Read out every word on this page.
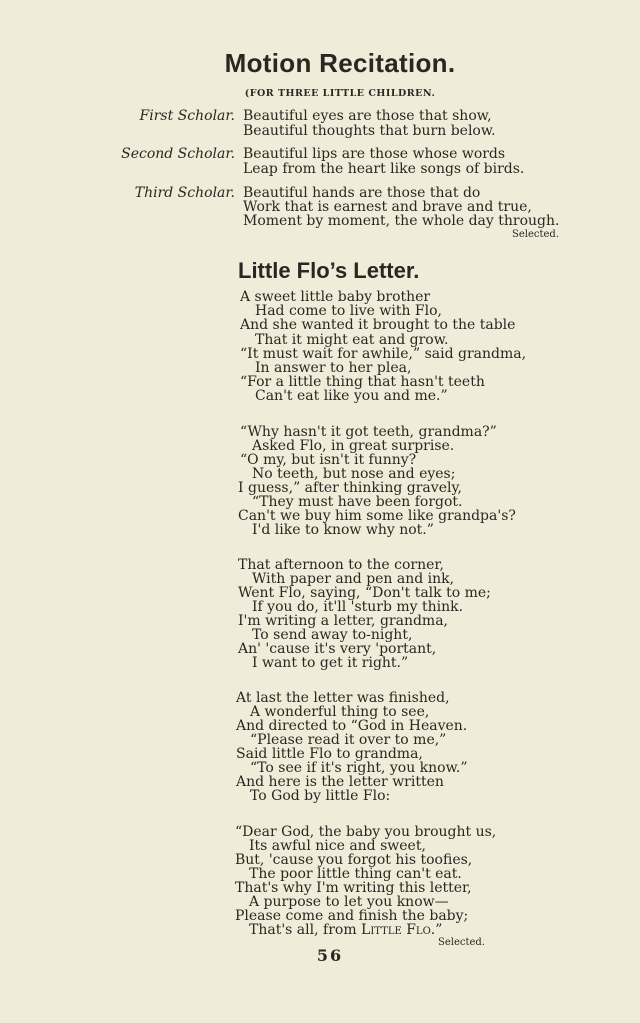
Motion Recitation.
(FOR THREE LITTLE CHILDREN.
First Scholar. Beautiful eyes are those that show,
Beautiful thoughts that burn below.
Second Scholar. Beautiful lips are those whose words
Leap from the heart like songs of birds.
Third Scholar. Beautiful hands are those that do
Work that is earnest and brave and true,
Moment by moment, the whole day through.
Selected.
Little Flo’s Letter.
A sweet little baby brother
Had come to live with Flo,
And she wanted it brought to the table
That it might eat and grow.
“It must wait for awhile,” said grandma,
In answer to her plea,
“For a little thing that hasn't teeth
Can't eat like you and me.”
“Why hasn't it got teeth, grandma?”
Asked Flo, in great surprise.
“O my, but isn't it funny?
No teeth, but nose and eyes;
I guess,” after thinking gravely,
“They must have been forgot.
Can't we buy him some like grandpa's?
I'd like to know why not.”
That afternoon to the corner,
With paper and pen and ink,
Went Flo, saying, “Don't talk to me;
If you do, it'll 'sturb my think.
I'm writing a letter, grandma,
To send away to-night,
An' 'cause it's very 'portant,
I want to get it right.”
At last the letter was finished,
A wonderful thing to see,
And directed to “God in Heaven.
“Please read it over to me,”
Said little Flo to grandma,
“To see if it's right, you know.”
And here is the letter written
To God by little Flo:
“Dear God, the baby you brought us,
Its awful nice and sweet,
But, 'cause you forgot his toofies,
The poor little thing can't eat.
That's why I'm writing this letter,
A purpose to let you know—
Please come and finish the baby;
That's all, from Little Flo.”
Selected.
56
